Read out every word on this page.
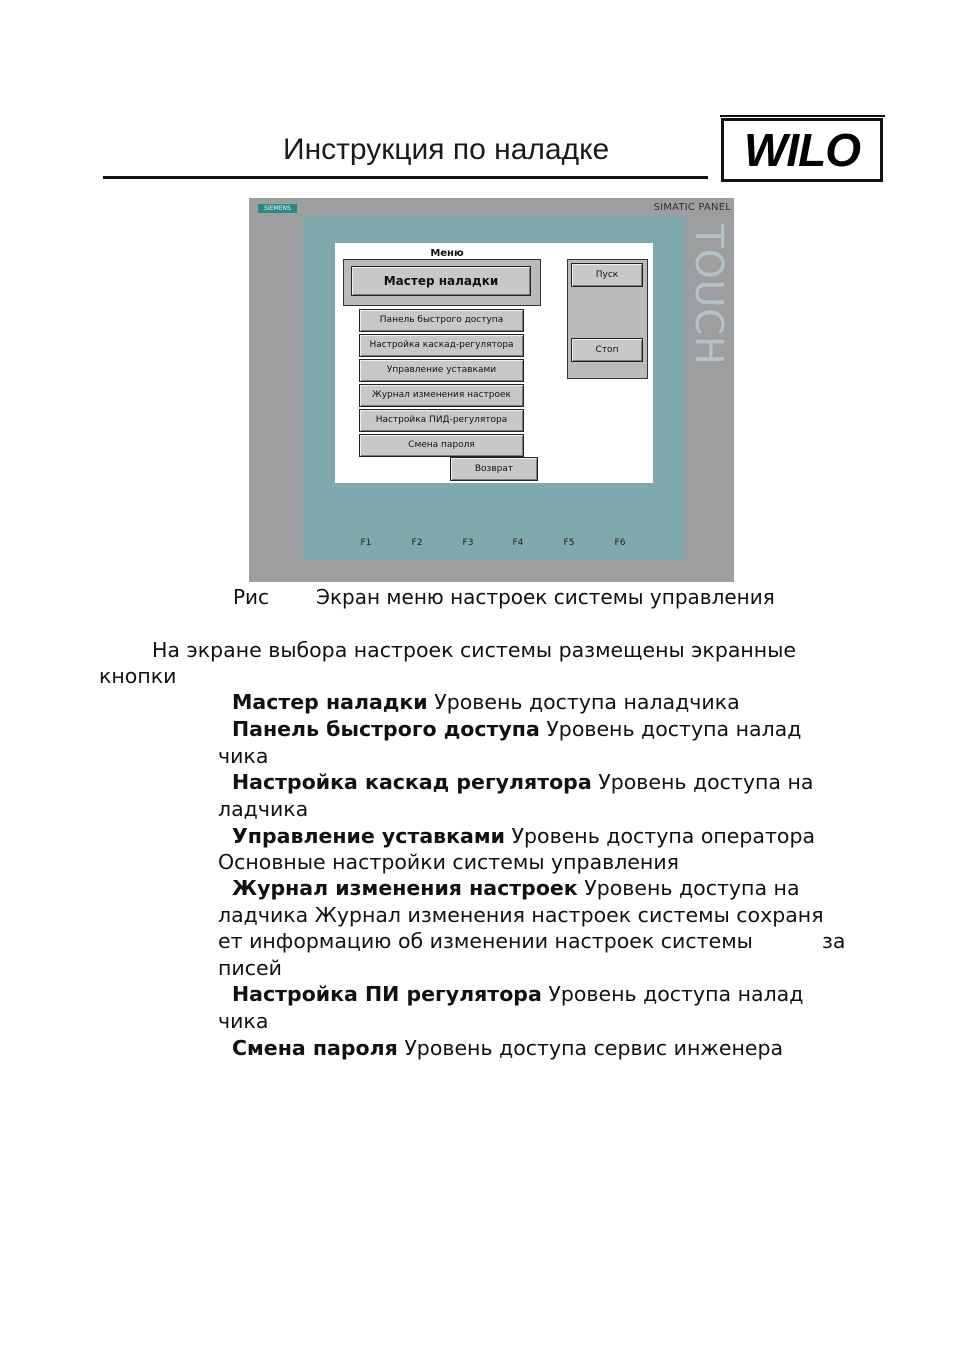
Инструкция по наладке	WILO
SIEMENS	SIMATIC PANEL
TOUCH
Меню
Мастер наладки
Панель быстрого доступа
Настройка каскад-регулятора
Управление уставками
Журнал изменения настроек
Настройка ПИД-регулятора
Смена пароля
Возврат
Пуск
Стоп
F1	F2	F3	F4	F5	F6
Рис Экран меню настроек системы управления
На экране выбора настроек системы размещены экранные
кнопки
Мастер наладки Уровень доступа наладчика
Панель быстрого доступа Уровень доступа налад
чика
Настройка каскад регулятора Уровень доступа на
ладчика
Управление уставками Уровень доступа оператора
Основные настройки системы управления
Журнал изменения настроек Уровень доступа на
ладчика Журнал изменения настроек системы сохраня
ет информацию об изменении настроек системы	за
писей
Настройка ПИ регулятора Уровень доступа налад
чика
Смена пароля Уровень доступа сервис инженера
